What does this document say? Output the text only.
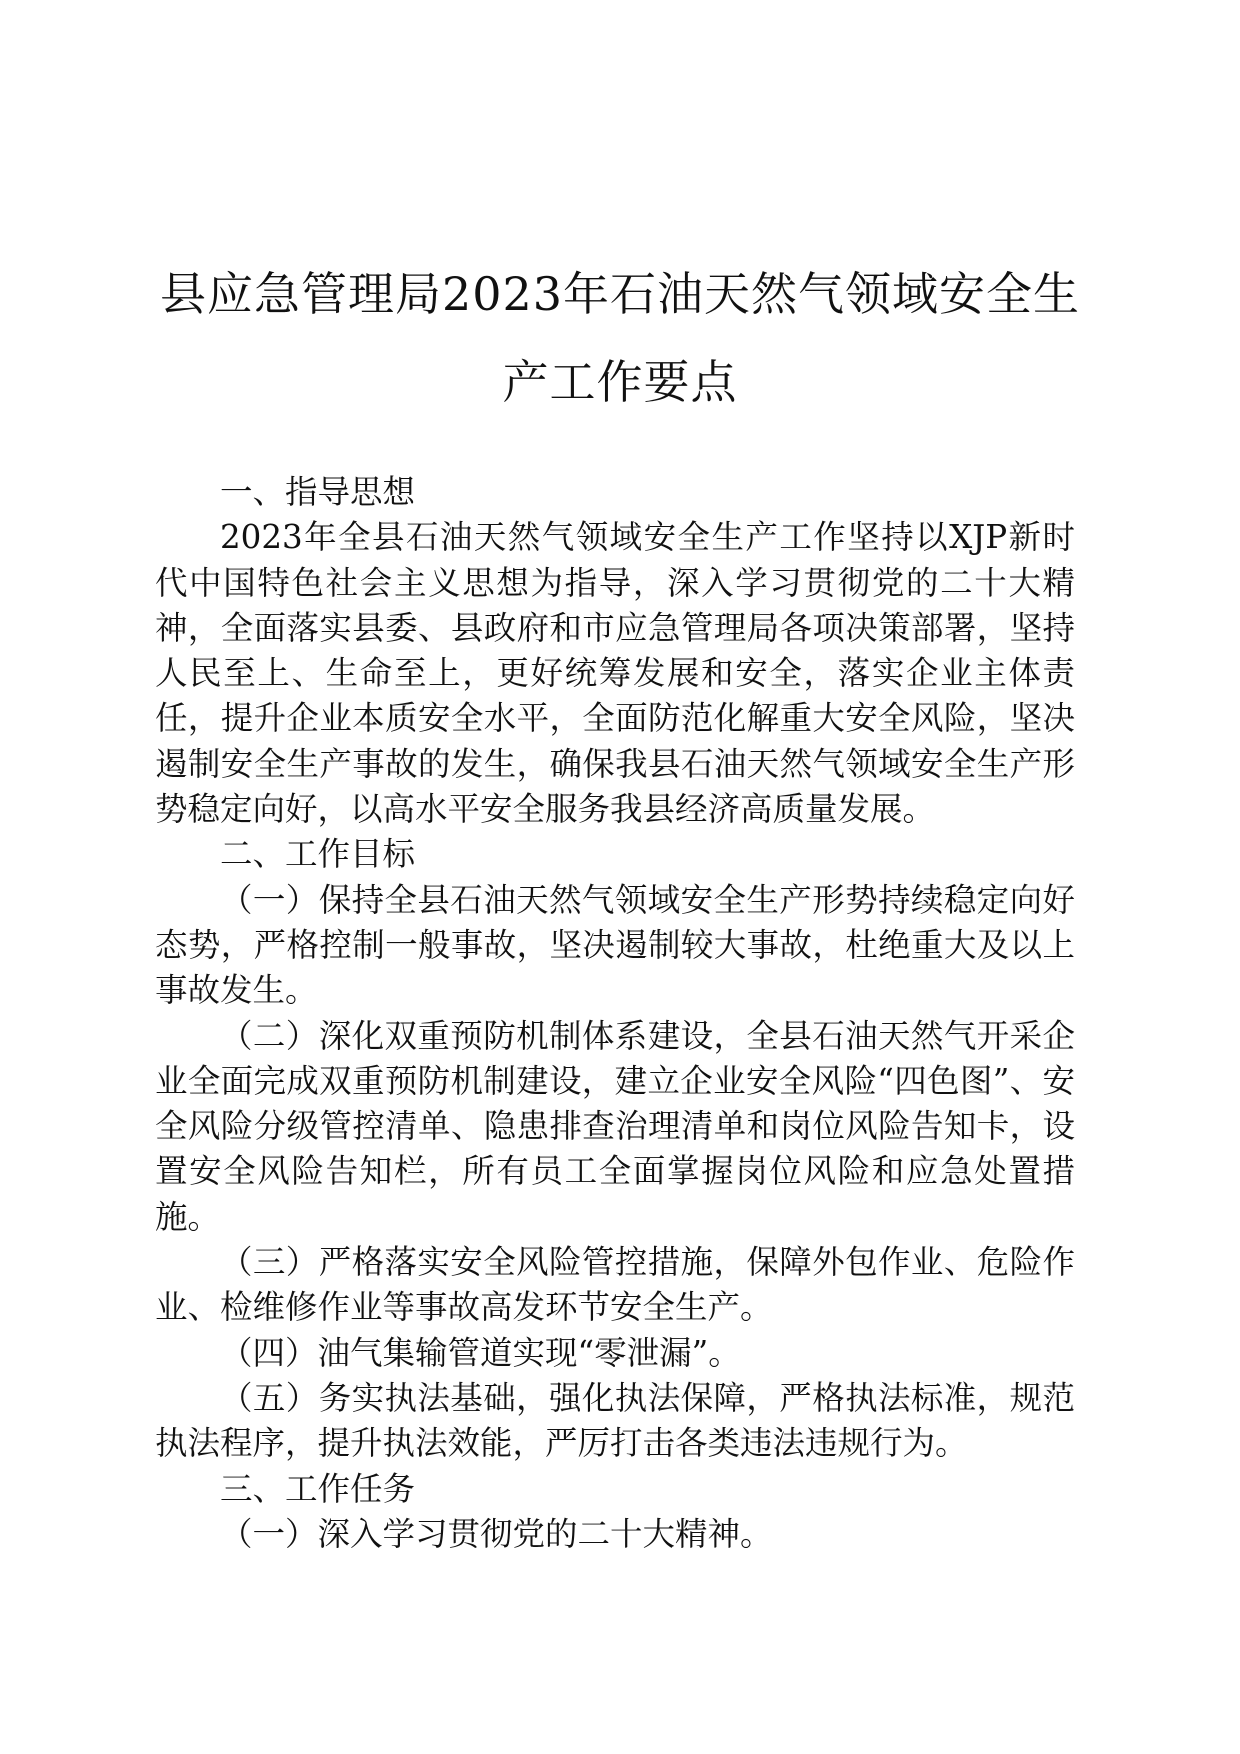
县应急管理局2023年石油天然气领域安全生
产工作要点

一、指导思想

2023年全县石油天然气领域安全生产工作坚持以XJP新时代中国特色社会主义思想为指导，深入学习贯彻党的二十大精神，全面落实县委、县政府和市应急管理局各项决策部署，坚持人民至上、生命至上，更好统筹发展和安全，落实企业主体责任，提升企业本质安全水平，全面防范化解重大安全风险，坚决遏制安全生产事故的发生，确保我县石油天然气领域安全生产形势稳定向好，以高水平安全服务我县经济高质量发展。

二、工作目标

（一）保持全县石油天然气领域安全生产形势持续稳定向好态势，严格控制一般事故，坚决遏制较大事故，杜绝重大及以上事故发生。

（二）深化双重预防机制体系建设，全县石油天然气开采企业全面完成双重预防机制建设，建立企业安全风险“四色图”、安全风险分级管控清单、隐患排查治理清单和岗位风险告知卡，设置安全风险告知栏，所有员工全面掌握岗位风险和应急处置措施。

（三）严格落实安全风险管控措施，保障外包作业、危险作业、检维修作业等事故高发环节安全生产。

（四）油气集输管道实现“零泄漏”。

（五）务实执法基础，强化执法保障，严格执法标准，规范执法程序，提升执法效能，严厉打击各类违法违规行为。

三、工作任务

（一）深入学习贯彻党的二十大精神。
